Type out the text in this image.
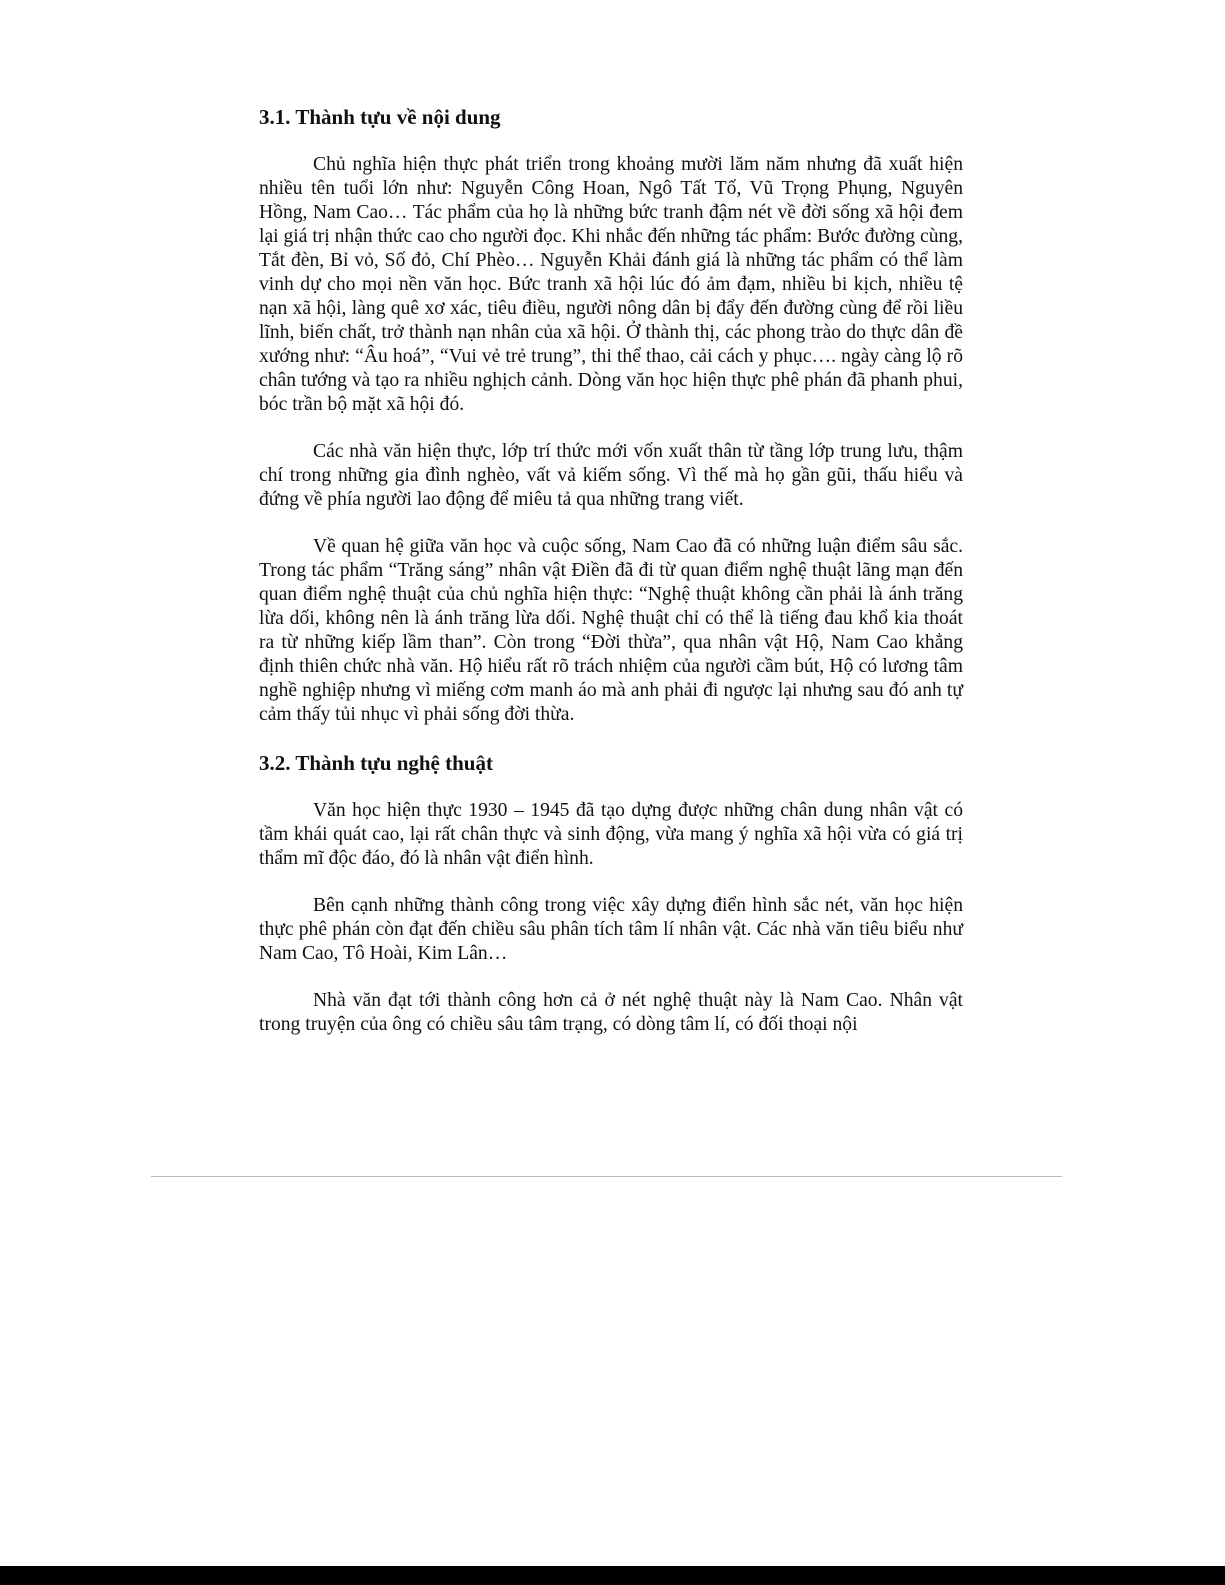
3.1. Thành tựu về nội dung

Chủ nghĩa hiện thực phát triển trong khoảng mười lăm năm nhưng đã xuất hiện nhiều tên tuổi lớn như: Nguyễn Công Hoan, Ngô Tất Tố, Vũ Trọng Phụng, Nguyên Hồng, Nam Cao… Tác phẩm của họ là những bức tranh đậm nét về đời sống xã hội đem lại giá trị nhận thức cao cho người đọc. Khi nhắc đến những tác phẩm: Bước đường cùng, Tắt đèn, Bỉ vỏ, Số đỏ, Chí Phèo… Nguyễn Khải đánh giá là những tác phẩm có thể làm vinh dự cho mọi nền văn học. Bức tranh xã hội lúc đó ảm đạm, nhiều bi kịch, nhiều tệ nạn xã hội, làng quê xơ xác, tiêu điều, người nông dân bị đẩy đến đường cùng để rồi liều lĩnh, biến chất, trở thành nạn nhân của xã hội. Ở thành thị, các phong trào do thực dân đề xướng như: “Âu hoá”, “Vui vẻ trẻ trung”, thi thể thao, cải cách y phục…. ngày càng lộ rõ chân tướng và tạo ra nhiều nghịch cảnh. Dòng văn học hiện thực phê phán đã phanh phui, bóc trần bộ mặt xã hội đó.

Các nhà văn hiện thực, lớp trí thức mới vốn xuất thân từ tầng lớp trung lưu, thậm chí trong những gia đình nghèo, vất vả kiếm sống. Vì thế mà họ gần gũi, thấu hiểu và đứng về phía người lao động để miêu tả qua những trang viết.

Về quan hệ giữa văn học và cuộc sống, Nam Cao đã có những luận điểm sâu sắc. Trong tác phẩm “Trăng sáng” nhân vật Điền đã đi từ quan điểm nghệ thuật lãng mạn đến quan điểm nghệ thuật của chủ nghĩa hiện thực: “Nghệ thuật không cần phải là ánh trăng lừa dối, không nên là ánh trăng lừa dối. Nghệ thuật chỉ có thể là tiếng đau khổ kia thoát ra từ những kiếp lầm than”. Còn trong “Đời thừa”, qua nhân vật Hộ, Nam Cao khẳng định thiên chức nhà văn. Hộ hiểu rất rõ trách nhiệm của người cầm bút, Hộ có lương tâm nghề nghiệp nhưng vì miếng cơm manh áo mà anh phải đi ngược lại nhưng sau đó anh tự cảm thấy tủi nhục vì phải sống đời thừa.

3.2. Thành tựu nghệ thuật

Văn học hiện thực 1930 – 1945 đã tạo dựng được những chân dung nhân vật có tầm khái quát cao, lại rất chân thực và sinh động, vừa mang ý nghĩa xã hội vừa có giá trị thẩm mĩ độc đáo, đó là nhân vật điển hình.

Bên cạnh những thành công trong việc xây dựng điển hình sắc nét, văn học hiện thực phê phán còn đạt đến chiều sâu phân tích tâm lí nhân vật. Các nhà văn tiêu biểu như Nam Cao, Tô Hoài, Kim Lân…

Nhà văn đạt tới thành công hơn cả ở nét nghệ thuật này là Nam Cao. Nhân vật trong truyện của ông có chiều sâu tâm trạng, có dòng tâm lí, có đối thoại nội
